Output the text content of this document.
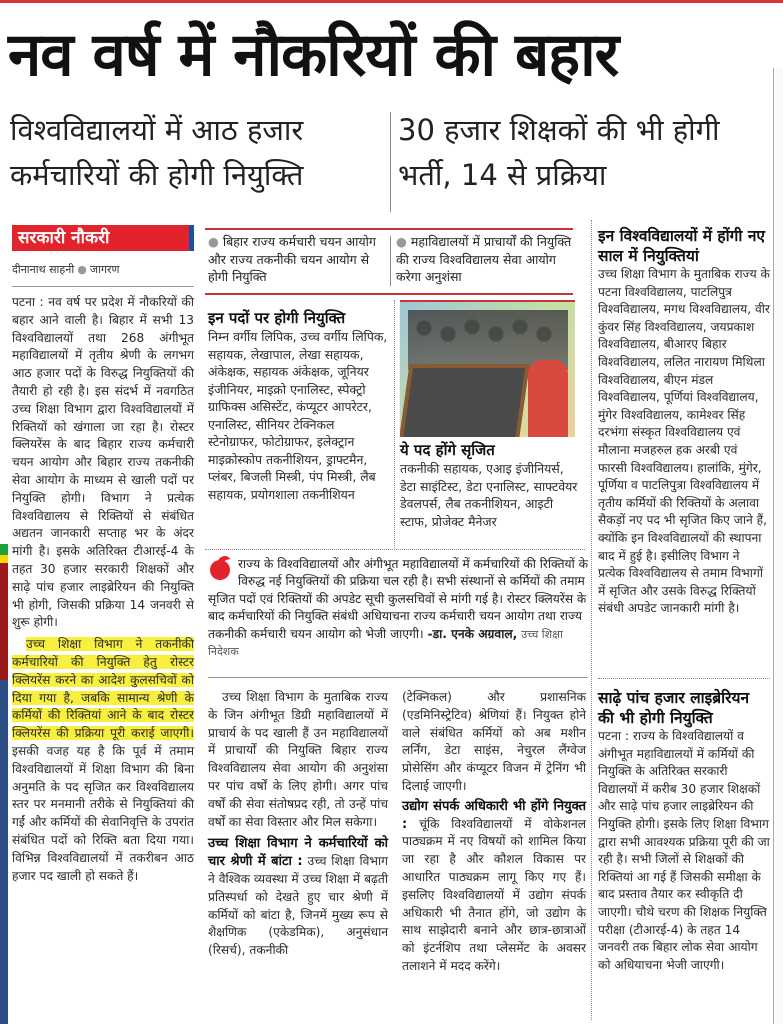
नव वर्ष में नौकरियों की बहार
विश्वविद्यालयों में आठ हजार कर्मचारियों की होगी नियुक्ति
30 हजार शिक्षकों की भी होगी भर्ती, 14 से प्रक्रिया
सरकारी नौकरी
दीनानाथ साहनी ● जागरण

पटना : नव वर्ष पर प्रदेश में नौकरियों की बहार आने वाली है। बिहार में सभी 13 विश्वविद्यालयों तथा 268 अंगीभूत महाविद्यालयों में तृतीय श्रेणी के लगभग आठ हजार पदों के विरुद्ध नियुक्तियों की तैयारी हो रही है। इस संदर्भ में नवगठित उच्च शिक्षा विभाग द्वारा विश्वविद्यालयों में रिक्तियों को खंगाला जा रहा है। रोस्टर क्लियरेंस के बाद बिहार राज्य कर्मचारी चयन आयोग और बिहार राज्य तकनीकी सेवा आयोग के माध्यम से खाली पदों पर नियुक्ति होगी। विभाग ने प्रत्येक विश्वविद्यालय से रिक्तियों से संबंधित अद्यतन जानकारी सप्ताह भर के अंदर मांगी है। इसके अतिरिक्त टीआरई-4 के तहत 30 हजार सरकारी शिक्षकों और साढ़े पांच हजार लाइब्रेरियन की नियुक्ति भी होगी, जिसकी प्रक्रिया 14 जनवरी से शुरू होगी।

उच्च शिक्षा विभाग ने तकनीकी कर्मचारियों की नियुक्ति हेतु रोस्टर क्लियरेंस करने का आदेश कुलसचिवों को दिया गया है, जबकि सामान्य श्रेणी के कर्मियों की रिक्तियां आने के बाद रोस्टर क्लियरेंस की प्रक्रिया पूरी कराई जाएगी। इसकी वजह यह है कि पूर्व में तमाम विश्वविद्यालयों में शिक्षा विभाग की बिना अनुमति के पद सृजित कर विश्वविद्यालय स्तर पर मनमानी तरीके से नियुक्तियां की गईं और कर्मियों की सेवानिवृत्ति के उपरांत संबंधित पदों को रिक्ति बता दिया गया। विभिन्न विश्वविद्यालयों में तकरीबन आठ हजार पद खाली हो सकते हैं।

● बिहार राज्य कर्मचारी चयन आयोग और राज्य तकनीकी चयन आयोग से होगी नियुक्ति
● महाविद्यालयों में प्राचार्यों की नियुक्ति की राज्य विश्वविद्यालय सेवा आयोग करेगा अनुशंसा
इन पदों पर होगी नियुक्ति
निम्न वर्गीय लिपिक, उच्च वर्गीय लिपिक, सहायक, लेखापाल, लेखा सहायक, अंकेक्षक, सहायक अंकेक्षक, जूनियर इंजीनियर, माइक्रो एनालिस्ट, स्पेक्ट्रो ग्राफिक्स असिस्टेंट, कंप्यूटर आपरेटर, एनालिस्ट, सीनियर टेक्निकल स्टेनोग्राफर, फोटोग्राफर, इलेक्ट्रान माइक्रोस्कोप तकनीशियन, ड्राफ्टमैन, प्लंबर, बिजली मिस्त्री, पंप मिस्त्री, लैब सहायक, प्रयोगशाला तकनीशियन
ये पद होंगे सृजित
तकनीकी सहायक, एआइ इंजीनियर्स, डेटा साइंटिस्ट, डेटा एनालिस्ट, साफ्टवेयर डेवलपर्स, लैब तकनीशियन, आइटी स्टाफ, प्रोजेक्ट मैनेजर
राज्य के विश्वविद्यालयों और अंगीभूत महाविद्यालयों में कर्मचारियों की रिक्तियों के विरुद्ध नई नियुक्तियों की प्रक्रिया चल रही है। सभी संस्थानों से कर्मियों की तमाम सृजित पदों एवं रिक्तियों की अपडेट सूची कुलसचिवों से मांगी गई है। रोस्टर क्लियरेंस के बाद कर्मचारियों की नियुक्ति संबंधी अधियाचना राज्य कर्मचारी चयन आयोग तथा राज्य तकनीकी कर्मचारी चयन आयोग को भेजी जाएगी। -डा. एनके अग्रवाल, उच्च शिक्षा निदेशक

उच्च शिक्षा विभाग के मुताबिक राज्य के जिन अंगीभूत डिग्री महाविद्यालयों में प्राचार्य के पद खाली हैं उन महाविद्यालयों में प्राचार्यों की नियुक्ति बिहार राज्य विश्वविद्यालय सेवा आयोग की अनुशंसा पर पांच वर्षों के लिए होगी। अगर पांच वर्षों की सेवा संतोषप्रद रही, तो उन्हें पांच वर्षों का सेवा विस्तार और मिल सकेगा।

उच्च शिक्षा विभाग ने कर्मचारियों को चार श्रेणी में बांटा : उच्च शिक्षा विभाग ने वैश्विक व्यवस्था में उच्च शिक्षा में बढ़ती प्रतिस्पर्धा को देखते हुए चार श्रेणी में कर्मियों को बांटा है, जिनमें मुख्य रूप से शैक्षणिक (एकेडमिक), अनुसंधान (रिसर्च), तकनीकी

(टेक्निकल) और प्रशासनिक (एडमिनिस्ट्रेटिव) श्रेणियां हैं। नियुक्त होने वाले संबंधित कर्मियों को अब मशीन लर्निंग, डेटा साइंस, नेचुरल लैंग्वेज प्रोसेसिंग और कंप्यूटर विजन में ट्रेनिंग भी दिलाई जाएगी।

उद्योग संपर्क अधिकारी भी होंगे नियुक्त : चूंकि विश्वविद्यालयों में वोकेशनल पाठ्यक्रम में नए विषयों को शामिल किया जा रहा है और कौशल विकास पर आधारित पाठ्यक्रम लागू किए गए हैं। इसलिए विश्वविद्यालयों में उद्योग संपर्क अधिकारी भी तैनात होंगे, जो उद्योग के साथ साझेदारी बनाने और छात्र-छात्राओं को इंटर्नशिप तथा प्लेसमेंट के अवसर तलाशने में मदद करेंगे।

इन विश्वविद्यालयों में होंगी नए साल में नियुक्तियां
उच्च शिक्षा विभाग के मुताबिक राज्य के पटना विश्वविद्यालय, पाटलिपुत्र विश्वविद्यालय, मगध विश्वविद्यालय, वीर कुंवर सिंह विश्वविद्यालय, जयप्रकाश विश्वविद्यालय, बीआरए बिहार विश्वविद्यालय, ललित नारायण मिथिला विश्वविद्यालय, बीएन मंडल विश्वविद्यालय, पूर्णियां विश्वविद्यालय, मुंगेर विश्वविद्यालय, कामेश्वर सिंह दरभंगा संस्कृत विश्वविद्यालय एवं मौलाना मजहरुल हक अरबी एवं फारसी विश्वविद्यालय। हालांकि, मुंगेर, पूर्णिया व पाटलिपुत्रा विश्वविद्यालय में तृतीय कर्मियों की रिक्तियों के अलावा सैकड़ों नए पद भी सृजित किए जाने हैं, क्योंकि इन विश्वविद्यालयों की स्थापना बाद में हुई है। इसीलिए विभाग ने प्रत्येक विश्वविद्यालय से तमाम विभागों में सृजित और उसके विरुद्ध रिक्तियों संबंधी अपडेट जानकारी मांगी है।
साढ़े पांच हजार लाइब्रेरियन की भी होगी नियुक्ति
पटना : राज्य के विश्वविद्यालयों व अंगीभूत महाविद्यालयों में कर्मियों की नियुक्ति के अतिरिक्त सरकारी विद्यालयों में करीब 30 हजार शिक्षकों और साढ़े पांच हजार लाइब्रेरियन की नियुक्ति होगी। इसके लिए शिक्षा विभाग द्वारा सभी आवश्यक प्रक्रिया पूरी की जा रही है। सभी जिलों से शिक्षकों की रिक्तियां आ गई हैं जिसकी समीक्षा के बाद प्रस्ताव तैयार कर स्वीकृति दी जाएगी। चौथे चरण की शिक्षक नियुक्ति परीक्षा (टीआरई-4) के तहत 14 जनवरी तक बिहार लोक सेवा आयोग को अधियाचना भेजी जाएगी।
